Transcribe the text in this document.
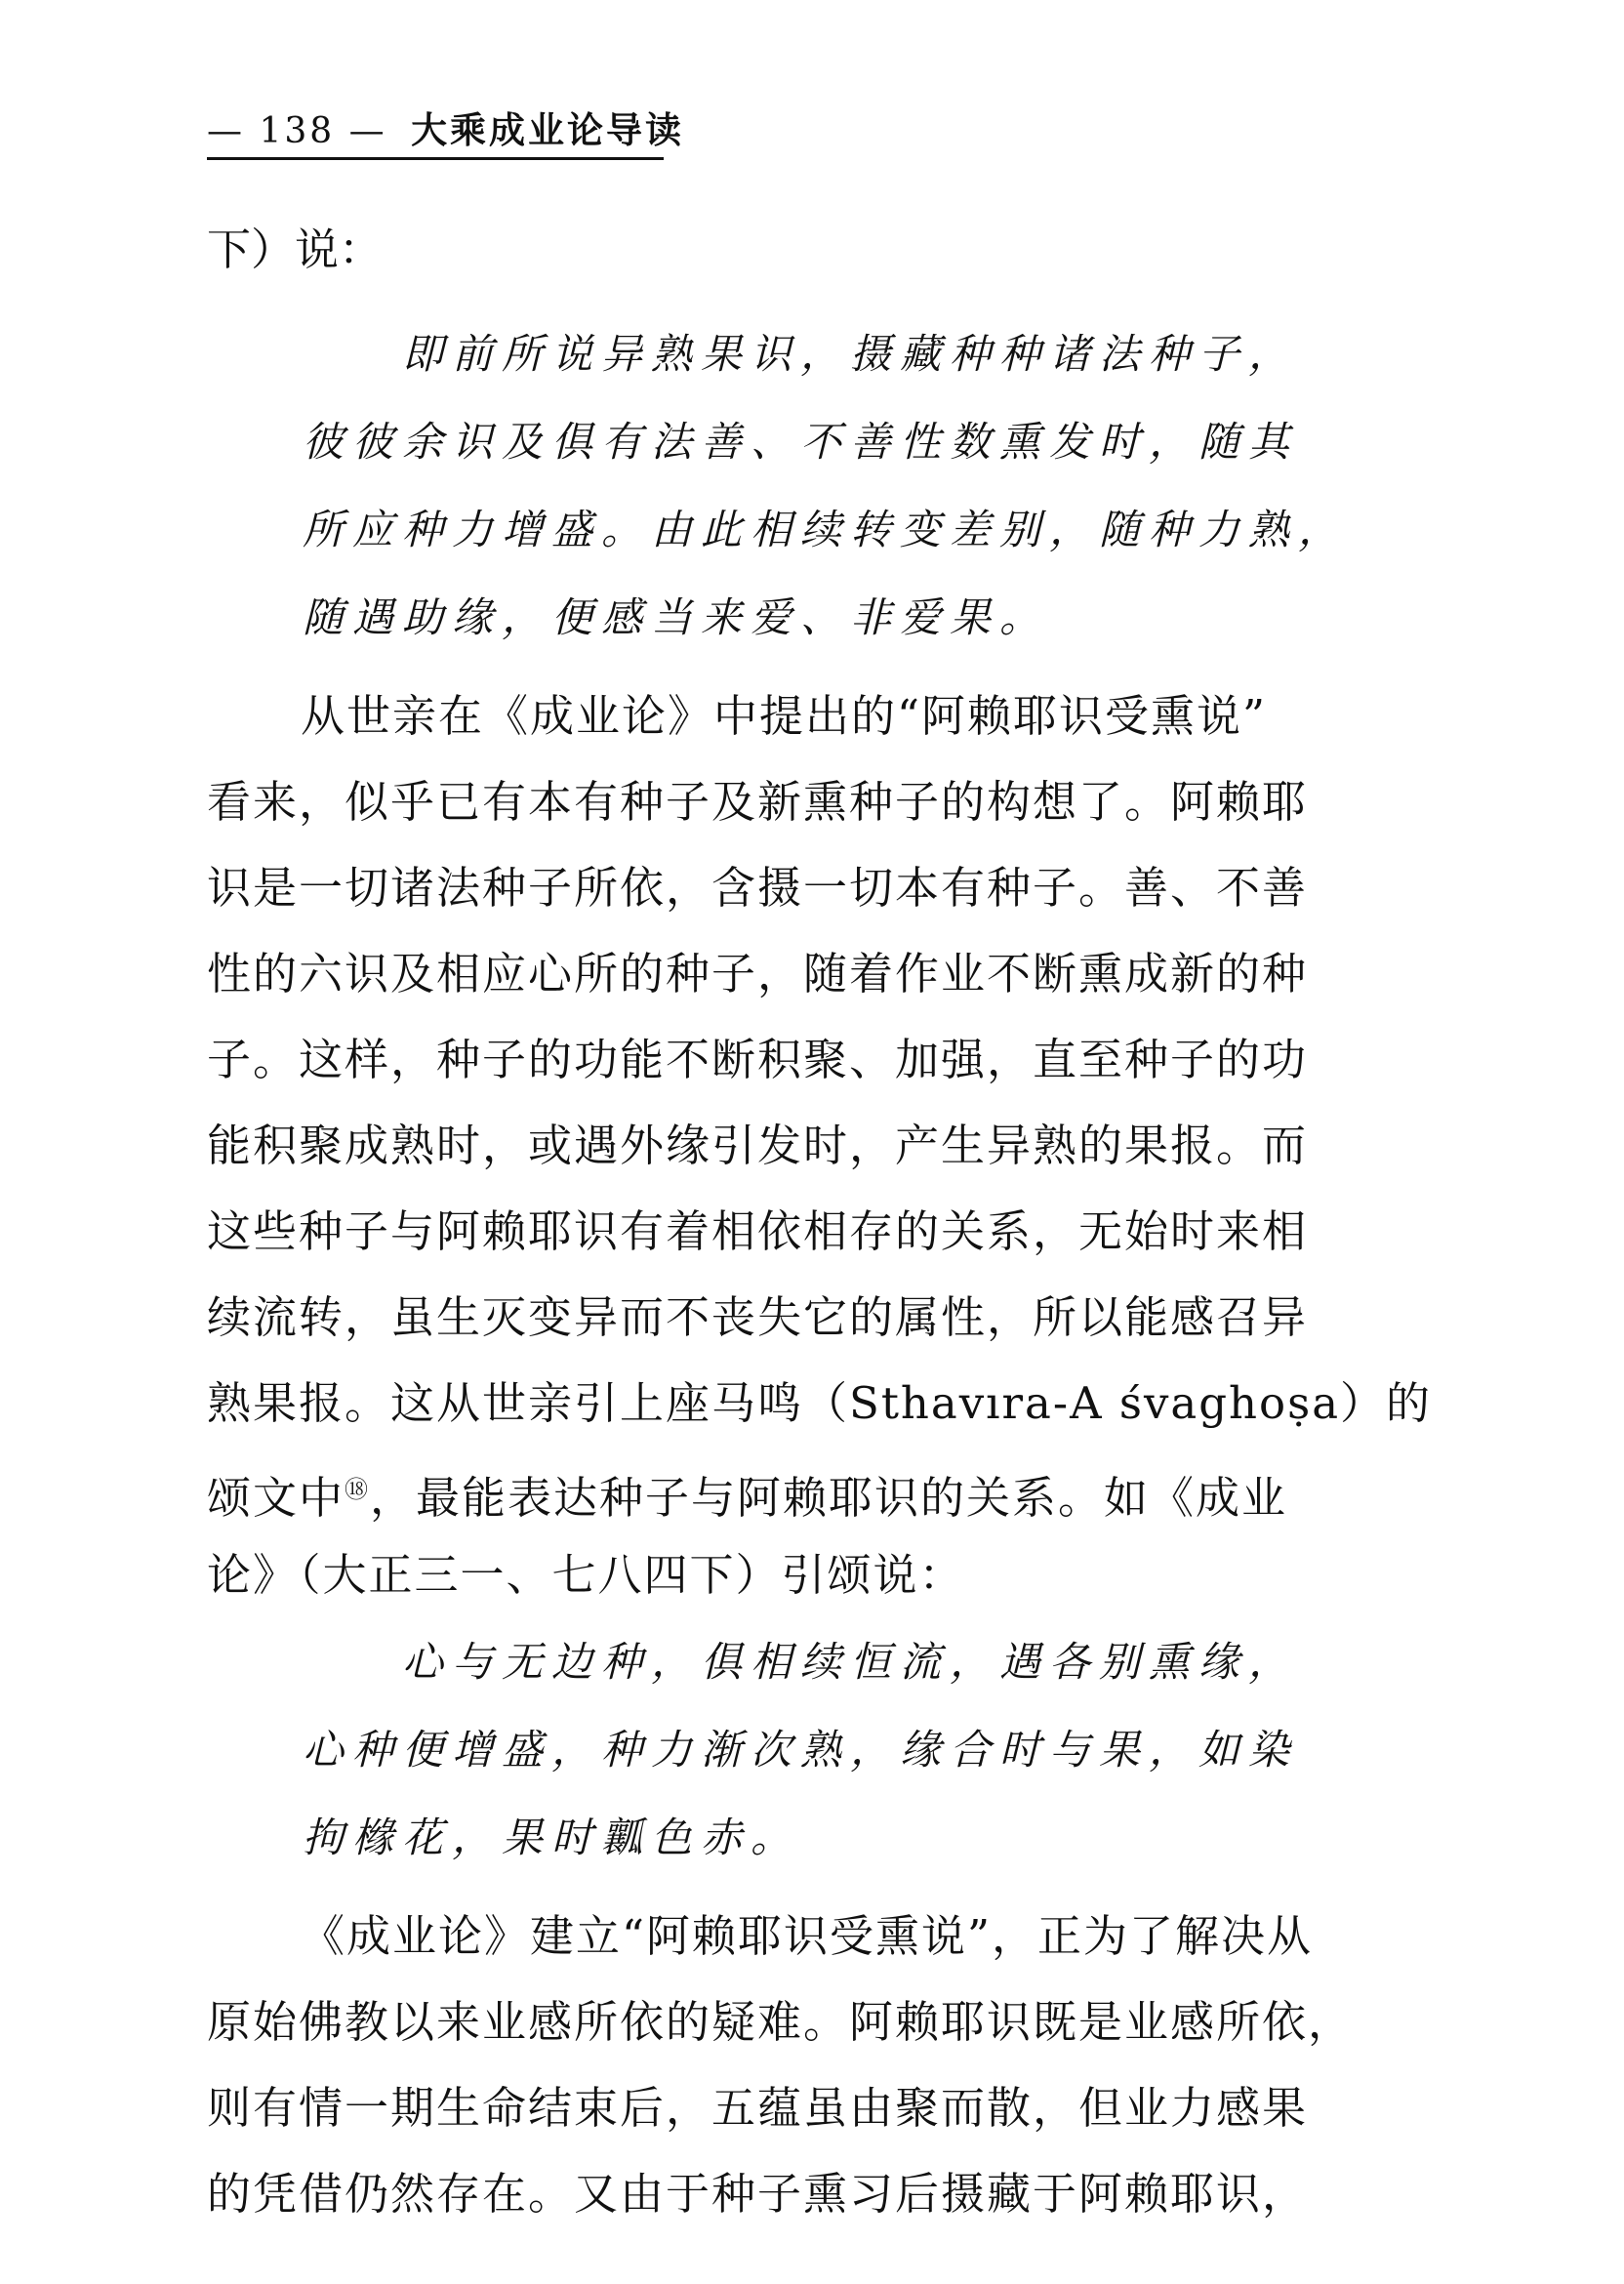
— 138 — 大乘成业论导读
下）说：
即前所说异熟果识，摄藏种种诸法种子，
彼彼余识及俱有法善、不善性数熏发时，随其
所应种力增盛。由此相续转变差别，随种力熟，
随遇助缘，便感当来爱、非爱果。
从世亲在《成业论》中提出的“阿赖耶识受熏说”
看来，似乎已有本有种子及新熏种子的构想了。阿赖耶
识是一切诸法种子所依，含摄一切本有种子。善、不善
性的六识及相应心所的种子，随着作业不断熏成新的种
子。这样，种子的功能不断积聚、加强，直至种子的功
能积聚成熟时，或遇外缘引发时，产生异熟的果报。而
这些种子与阿赖耶识有着相依相存的关系，无始时来相
续流转，虽生灭变异而不丧失它的属性，所以能感召异
熟果报。这从世亲引上座马鸣（Sthavıra-A śvaghoṣa）的
颂文中⑱，最能表达种子与阿赖耶识的关系。如《成业
论》（大正三一、七八四下）引颂说：
心与无边种，俱相续恒流，遇各别熏缘，
心种便增盛，种力渐次熟，缘合时与果，如染
拘橼花，果时瓤色赤。
《成业论》建立“阿赖耶识受熏说”，正为了解决从
原始佛教以来业感所依的疑难。阿赖耶识既是业感所依，
则有情一期生命结束后，五蕴虽由聚而散，但业力感果
的凭借仍然存在。又由于种子熏习后摄藏于阿赖耶识，
